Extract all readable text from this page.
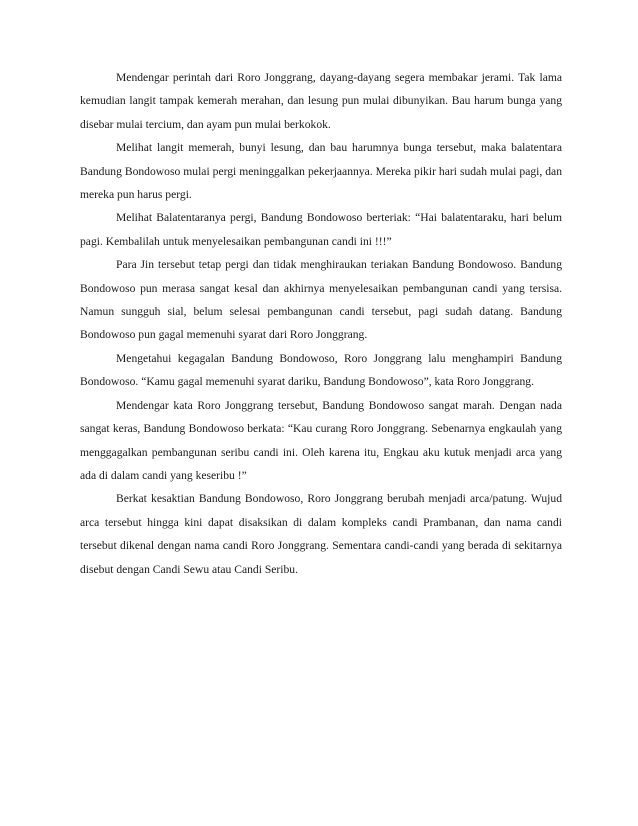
Mendengar perintah dari Roro Jonggrang, dayang-dayang segera membakar jerami. Tak lama kemudian langit tampak kemerah merahan, dan lesung pun mulai dibunyikan. Bau harum bunga yang disebar mulai tercium, dan ayam pun mulai berkokok.

Melihat langit memerah, bunyi lesung, dan bau harumnya bunga tersebut, maka balatentara Bandung Bondowoso mulai pergi meninggalkan pekerjaannya. Mereka pikir hari sudah mulai pagi, dan mereka pun harus pergi.

Melihat Balatentaranya pergi, Bandung Bondowoso berteriak: “Hai balatentaraku, hari belum pagi. Kembalilah untuk menyelesaikan pembangunan candi ini !!!”

Para Jin tersebut tetap pergi dan tidak menghiraukan teriakan Bandung Bondowoso. Bandung Bondowoso pun merasa sangat kesal dan akhirnya menyelesaikan pembangunan candi yang tersisa. Namun sungguh sial, belum selesai pembangunan candi tersebut, pagi sudah datang. Bandung Bondowoso pun gagal memenuhi syarat dari Roro Jonggrang.

Mengetahui kegagalan Bandung Bondowoso, Roro Jonggrang lalu menghampiri Bandung Bondowoso. “Kamu gagal memenuhi syarat dariku, Bandung Bondowoso”, kata Roro Jonggrang.

Mendengar kata Roro Jonggrang tersebut, Bandung Bondowoso sangat marah. Dengan nada sangat keras, Bandung Bondowoso berkata: “Kau curang Roro Jonggrang. Sebenarnya engkaulah yang menggagalkan pembangunan seribu candi ini. Oleh karena itu, Engkau aku kutuk menjadi arca yang ada di dalam candi yang keseribu !”

Berkat kesaktian Bandung Bondowoso, Roro Jonggrang berubah menjadi arca/patung. Wujud arca tersebut hingga kini dapat disaksikan di dalam kompleks candi Prambanan, dan nama candi tersebut dikenal dengan nama candi Roro Jonggrang. Sementara candi-candi yang berada di sekitarnya disebut dengan Candi Sewu atau Candi Seribu.
